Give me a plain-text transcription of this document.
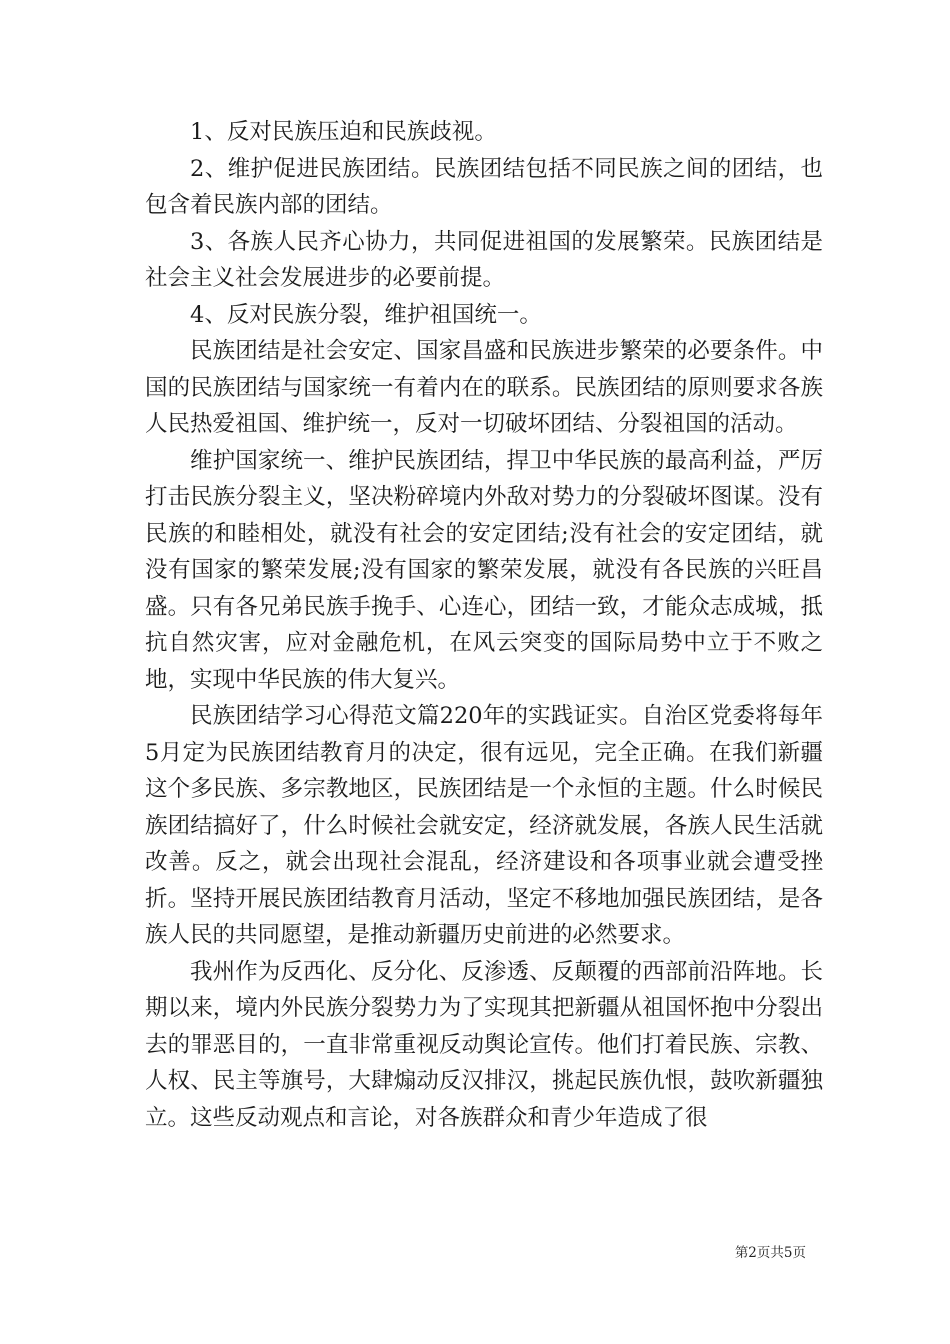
1、反对民族压迫和民族歧视。

2、维护促进民族团结。民族团结包括不同民族之间的团结，也包含着民族内部的团结。

3、各族人民齐心协力，共同促进祖国的发展繁荣。民族团结是社会主义社会发展进步的必要前提。

4、反对民族分裂，维护祖国统一。

民族团结是社会安定、国家昌盛和民族进步繁荣的必要条件。中国的民族团结与国家统一有着内在的联系。民族团结的原则要求各族人民热爱祖国、维护统一，反对一切破坏团结、分裂祖国的活动。

维护国家统一、维护民族团结，捍卫中华民族的最高利益，严厉打击民族分裂主义，坚决粉碎境内外敌对势力的分裂破坏图谋。没有民族的和睦相处，就没有社会的安定团结;没有社会的安定团结，就没有国家的繁荣发展;没有国家的繁荣发展，就没有各民族的兴旺昌盛。只有各兄弟民族手挽手、心连心，团结一致，才能众志成城，抵抗自然灾害，应对金融危机，在风云突变的国际局势中立于不败之地，实现中华民族的伟大复兴。

民族团结学习心得范文篇220年的实践证实。自治区党委将每年5月定为民族团结教育月的决定，很有远见，完全正确。在我们新疆这个多民族、多宗教地区，民族团结是一个永恒的主题。什么时候民族团结搞好了，什么时候社会就安定，经济就发展，各族人民生活就改善。反之，就会出现社会混乱，经济建设和各项事业就会遭受挫折。坚持开展民族团结教育月活动，坚定不移地加强民族团结，是各族人民的共同愿望，是推动新疆历史前进的必然要求。

我州作为反西化、反分化、反渗透、反颠覆的西部前沿阵地。长期以来，境内外民族分裂势力为了实现其把新疆从祖国怀抱中分裂出去的罪恶目的，一直非常重视反动舆论宣传。他们打着民族、宗教、人权、民主等旗号，大肆煽动反汉排汉，挑起民族仇恨，鼓吹新疆独立。这些反动观点和言论，对各族群众和青少年造成了很

第2页共5页
